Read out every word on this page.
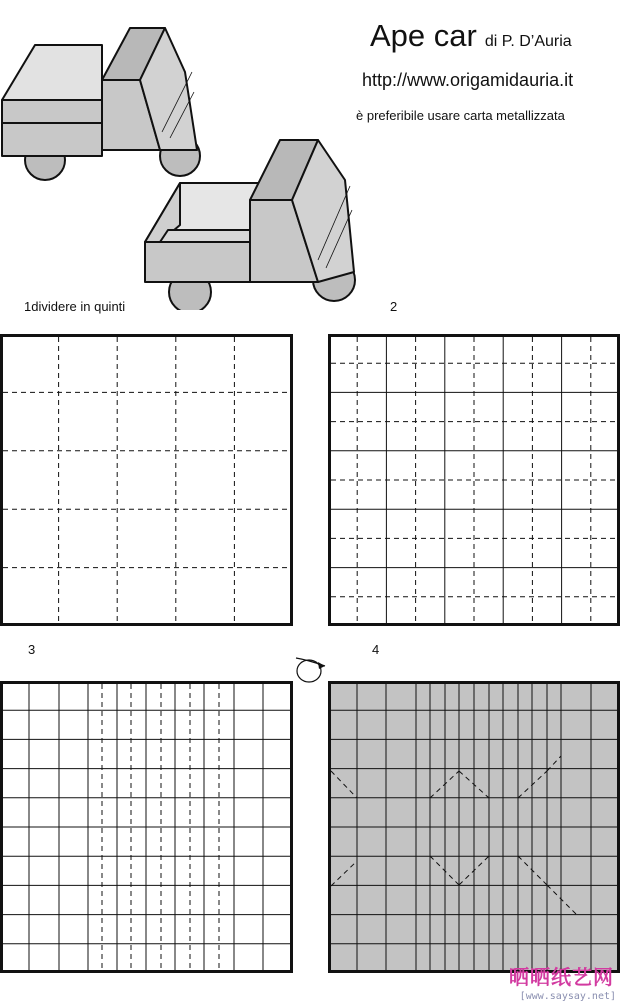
Ape car di P. D’Auria
http://www.origamidauria.it
è preferibile usare carta metallizzata
1dividere in quinti	2
3	4
晒晒纸艺网
[www.saysay.net]
